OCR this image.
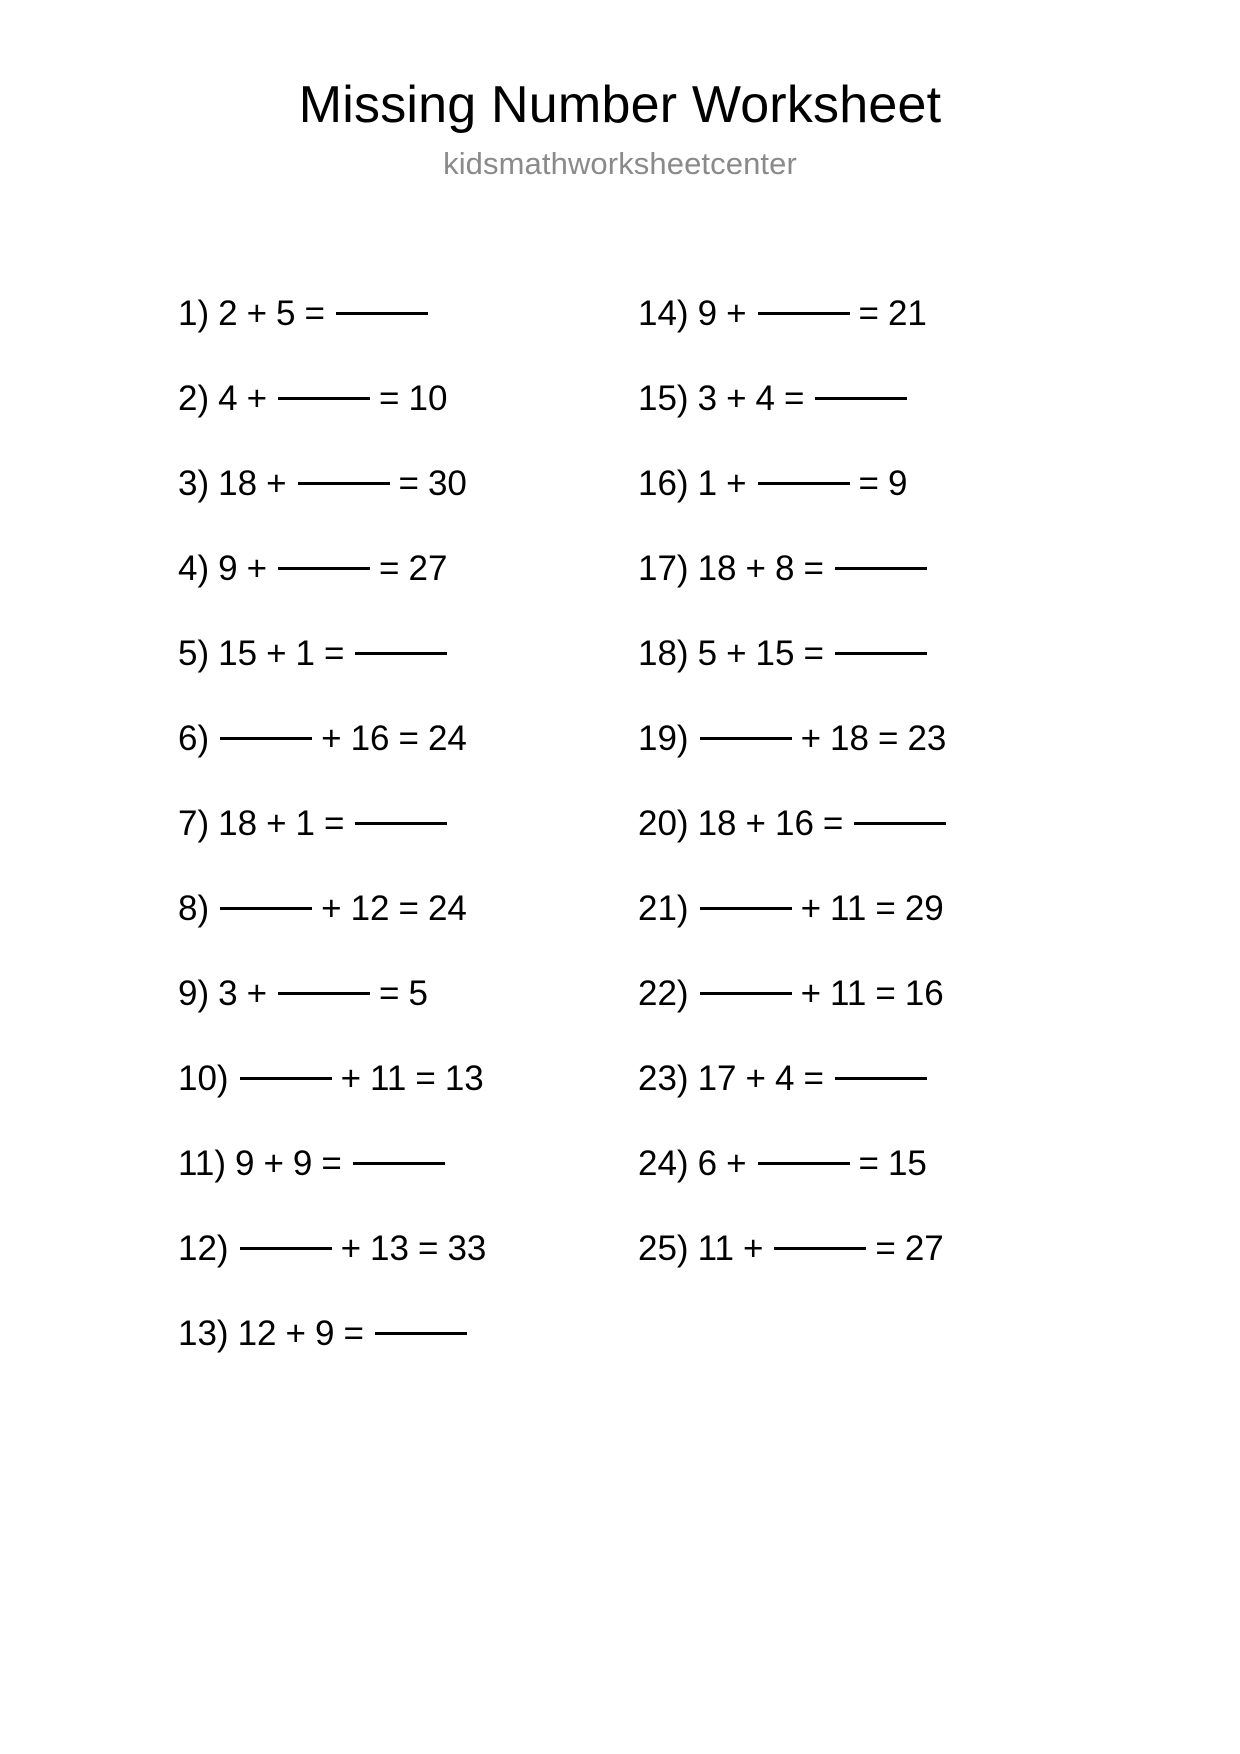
Missing Number Worksheet
kidsmathworksheetcenter
1) 2 + 5 =
2) 4 +	= 10
3) 18 +	= 30
4) 9 +	= 27
5) 15 + 1 =
6)	+ 16 = 24
7) 18 + 1 =
8)	+ 12 = 24
9) 3 +	= 5
10)	+ 11 = 13
11) 9 + 9 =
12)	+ 13 = 33
13) 12 + 9 =
14) 9 +	= 21
15) 3 + 4 =
16) 1 +	= 9
17) 18 + 8 =
18) 5 + 15 =
19)	+ 18 = 23
20) 18 + 16 =
21)	+ 11 = 29
22)	+ 11 = 16
23) 17 + 4 =
24) 6 +	= 15
25) 11 +	= 27
